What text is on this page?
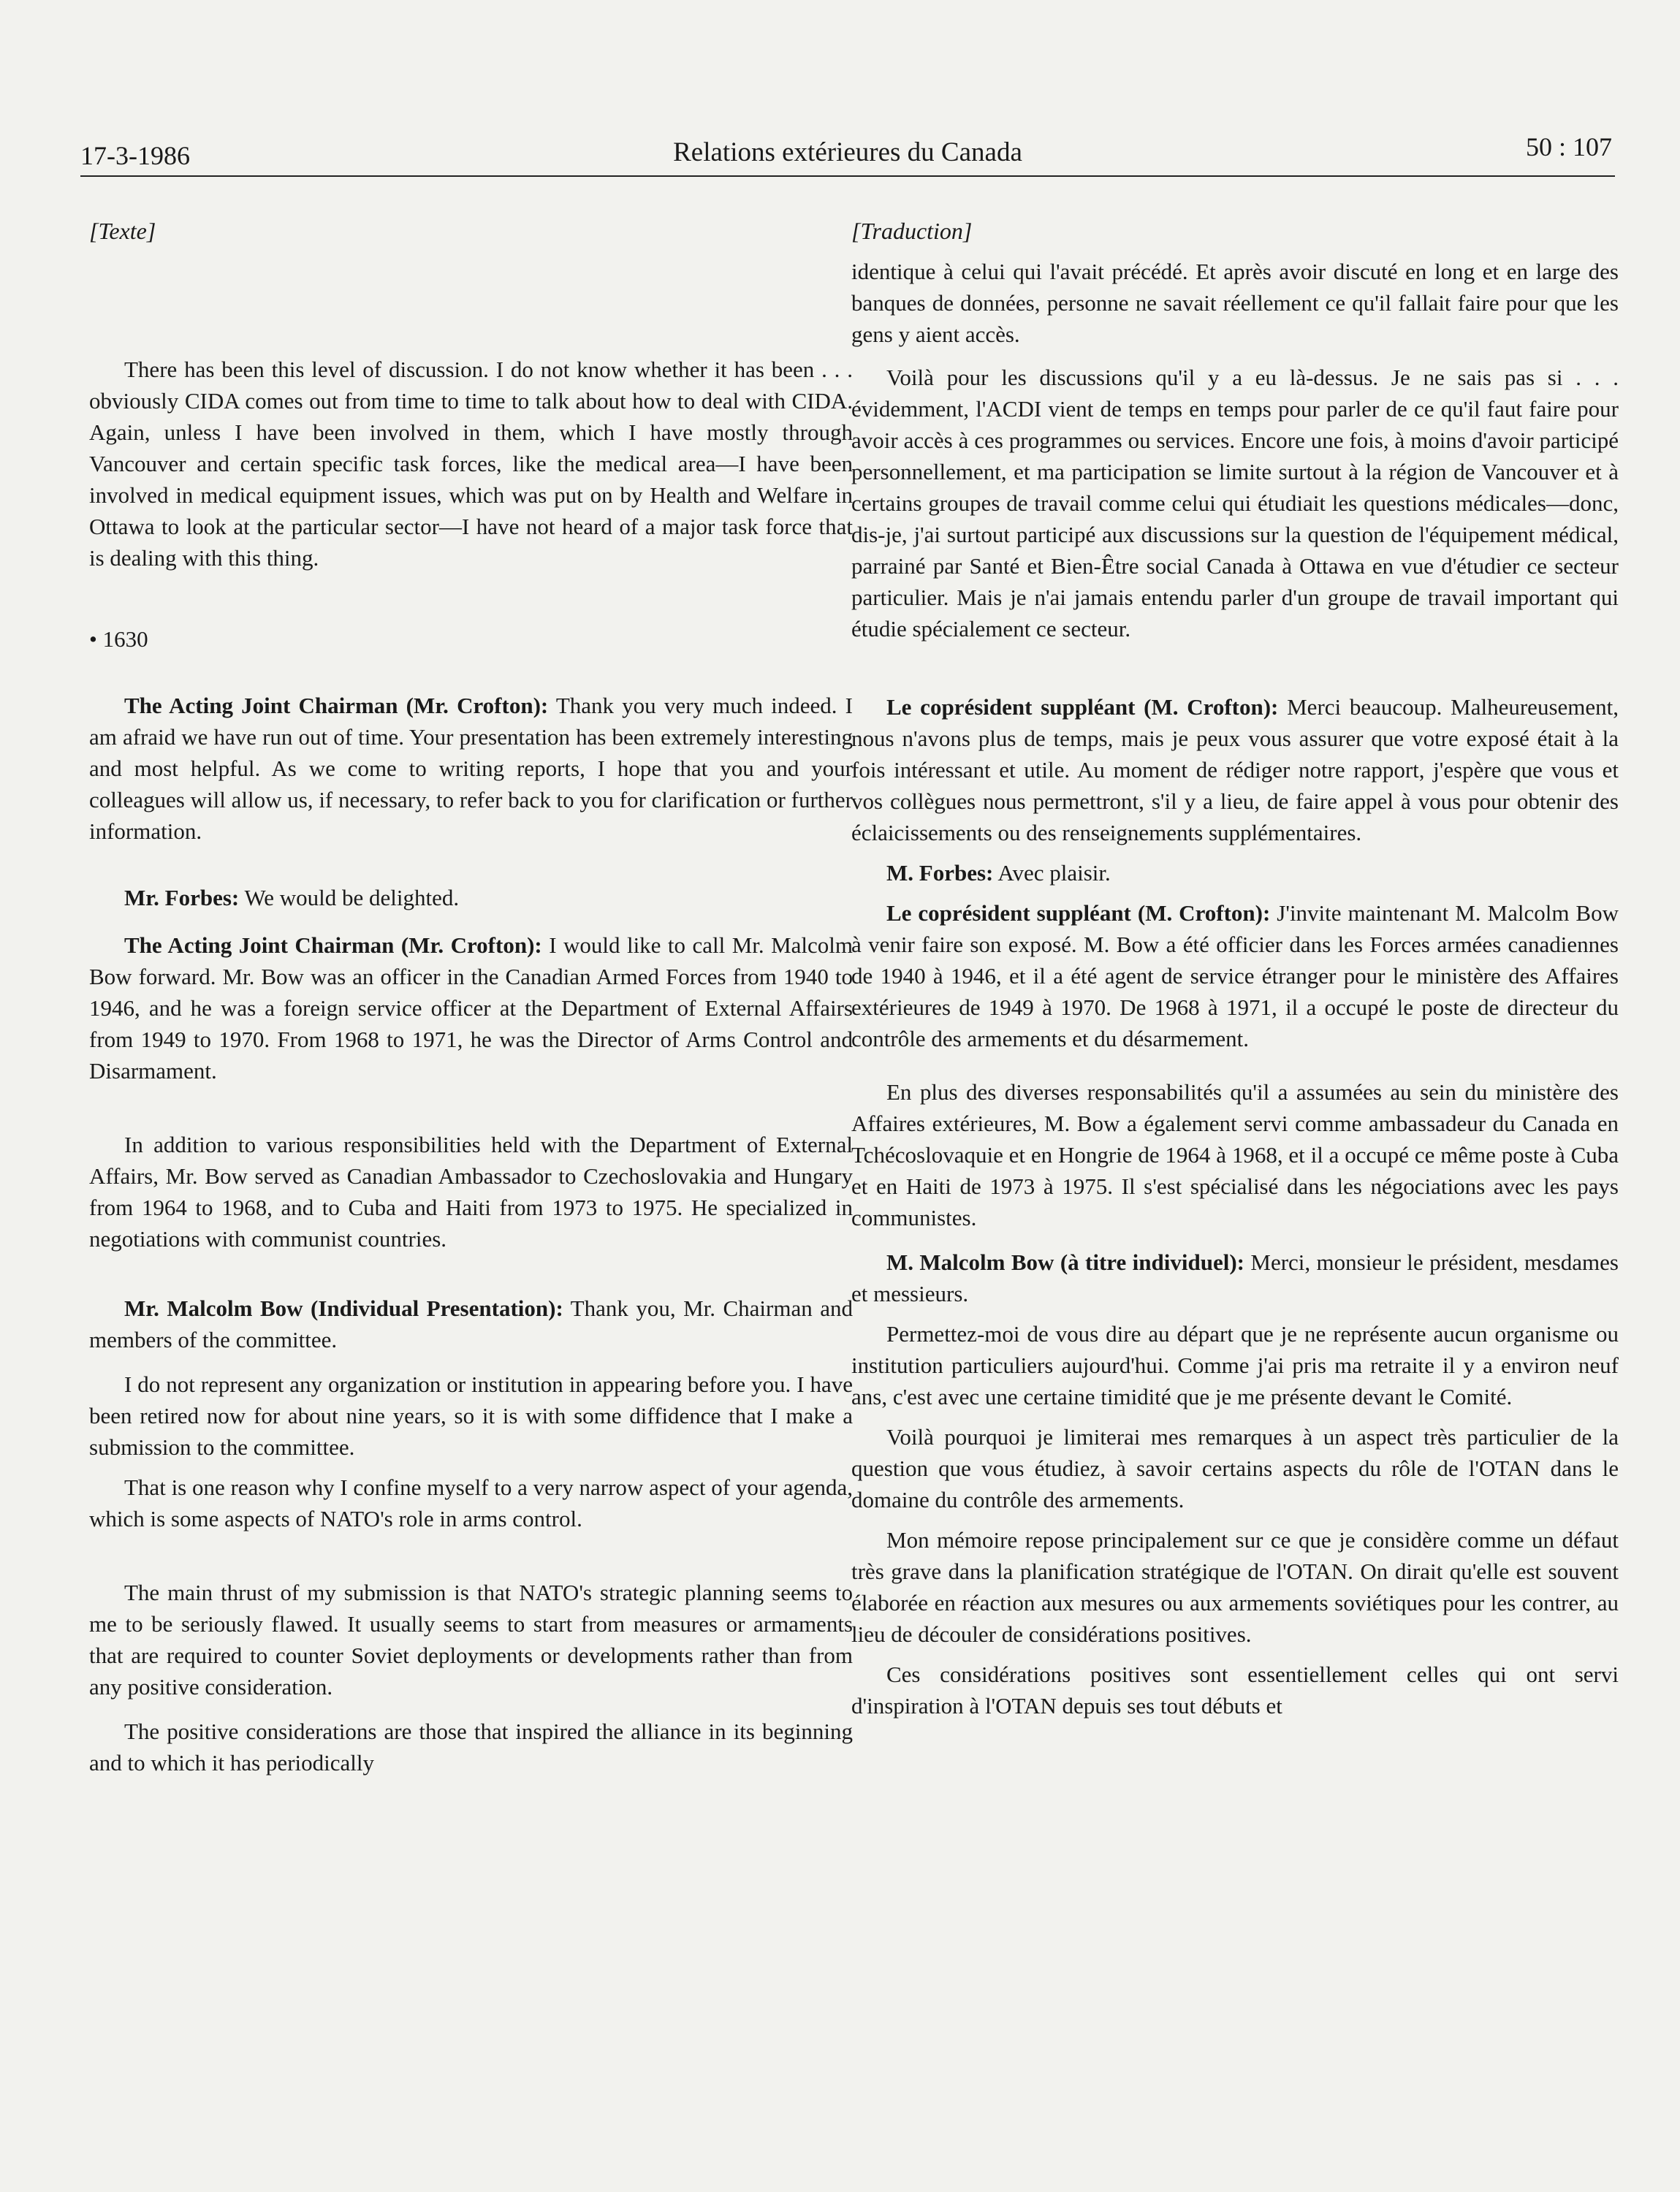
17-3-1986	Relations extérieures du Canada	50 : 107

[Texte]

There has been this level of discussion. I do not know whether it has been . . . obviously CIDA comes out from time to time to talk about how to deal with CIDA. Again, unless I have been involved in them, which I have mostly through Vancouver and certain specific task forces, like the medical area—I have been involved in medical equipment issues, which was put on by Health and Welfare in Ottawa to look at the particular sector—I have not heard of a major task force that is dealing with this thing.

• 1630

The Acting Joint Chairman (Mr. Crofton): Thank you very much indeed. I am afraid we have run out of time. Your presentation has been extremely interesting and most helpful. As we come to writing reports, I hope that you and your colleagues will allow us, if necessary, to refer back to you for clarification or further information.

Mr. Forbes: We would be delighted.

The Acting Joint Chairman (Mr. Crofton): I would like to call Mr. Malcolm Bow forward. Mr. Bow was an officer in the Canadian Armed Forces from 1940 to 1946, and he was a foreign service officer at the Department of External Affairs from 1949 to 1970. From 1968 to 1971, he was the Director of Arms Control and Disarmament.

In addition to various responsibilities held with the Department of External Affairs, Mr. Bow served as Canadian Ambassador to Czechoslovakia and Hungary from 1964 to 1968, and to Cuba and Haiti from 1973 to 1975. He specialized in negotiations with communist countries.

Mr. Malcolm Bow (Individual Presentation): Thank you, Mr. Chairman and members of the committee.

I do not represent any organization or institution in appearing before you. I have been retired now for about nine years, so it is with some diffidence that I make a submission to the committee.

That is one reason why I confine myself to a very narrow aspect of your agenda, which is some aspects of NATO's role in arms control.

The main thrust of my submission is that NATO's strategic planning seems to me to be seriously flawed. It usually seems to start from measures or armaments that are required to counter Soviet deployments or developments rather than from any positive consideration.

The positive considerations are those that inspired the alliance in its beginning and to which it has periodically

[Traduction]

identique à celui qui l'avait précédé. Et après avoir discuté en long et en large des banques de données, personne ne savait réellement ce qu'il fallait faire pour que les gens y aient accès.

Voilà pour les discussions qu'il y a eu là-dessus. Je ne sais pas si . . . évidemment, l'ACDI vient de temps en temps pour parler de ce qu'il faut faire pour avoir accès à ces programmes ou services. Encore une fois, à moins d'avoir participé personnellement, et ma participation se limite surtout à la région de Vancouver et à certains groupes de travail comme celui qui étudiait les questions médicales—donc, dis-je, j'ai surtout participé aux discussions sur la question de l'équipement médical, parrainé par Santé et Bien-Être social Canada à Ottawa en vue d'étudier ce secteur particulier. Mais je n'ai jamais entendu parler d'un groupe de travail important qui étudie spécialement ce secteur.

Le coprésident suppléant (M. Crofton): Merci beaucoup. Malheureusement, nous n'avons plus de temps, mais je peux vous assurer que votre exposé était à la fois intéressant et utile. Au moment de rédiger notre rapport, j'espère que vous et vos collègues nous permettront, s'il y a lieu, de faire appel à vous pour obtenir des éclaicissements ou des renseignements supplémentaires.

M. Forbes: Avec plaisir.

Le coprésident suppléant (M. Crofton): J'invite maintenant M. Malcolm Bow à venir faire son exposé. M. Bow a été officier dans les Forces armées canadiennes de 1940 à 1946, et il a été agent de service étranger pour le ministère des Affaires extérieures de 1949 à 1970. De 1968 à 1971, il a occupé le poste de directeur du contrôle des armements et du désarmement.

En plus des diverses responsabilités qu'il a assumées au sein du ministère des Affaires extérieures, M. Bow a également servi comme ambassadeur du Canada en Tchécoslovaquie et en Hongrie de 1964 à 1968, et il a occupé ce même poste à Cuba et en Haiti de 1973 à 1975. Il s'est spécialisé dans les négociations avec les pays communistes.

M. Malcolm Bow (à titre individuel): Merci, monsieur le président, mesdames et messieurs.

Permettez-moi de vous dire au départ que je ne représente aucun organisme ou institution particuliers aujourd'hui. Comme j'ai pris ma retraite il y a environ neuf ans, c'est avec une certaine timidité que je me présente devant le Comité.

Voilà pourquoi je limiterai mes remarques à un aspect très particulier de la question que vous étudiez, à savoir certains aspects du rôle de l'OTAN dans le domaine du contrôle des armements.

Mon mémoire repose principalement sur ce que je considère comme un défaut très grave dans la planification stratégique de l'OTAN. On dirait qu'elle est souvent élaborée en réaction aux mesures ou aux armements soviétiques pour les contrer, au lieu de découler de considérations positives.

Ces considérations positives sont essentiellement celles qui ont servi d'inspiration à l'OTAN depuis ses tout débuts et
